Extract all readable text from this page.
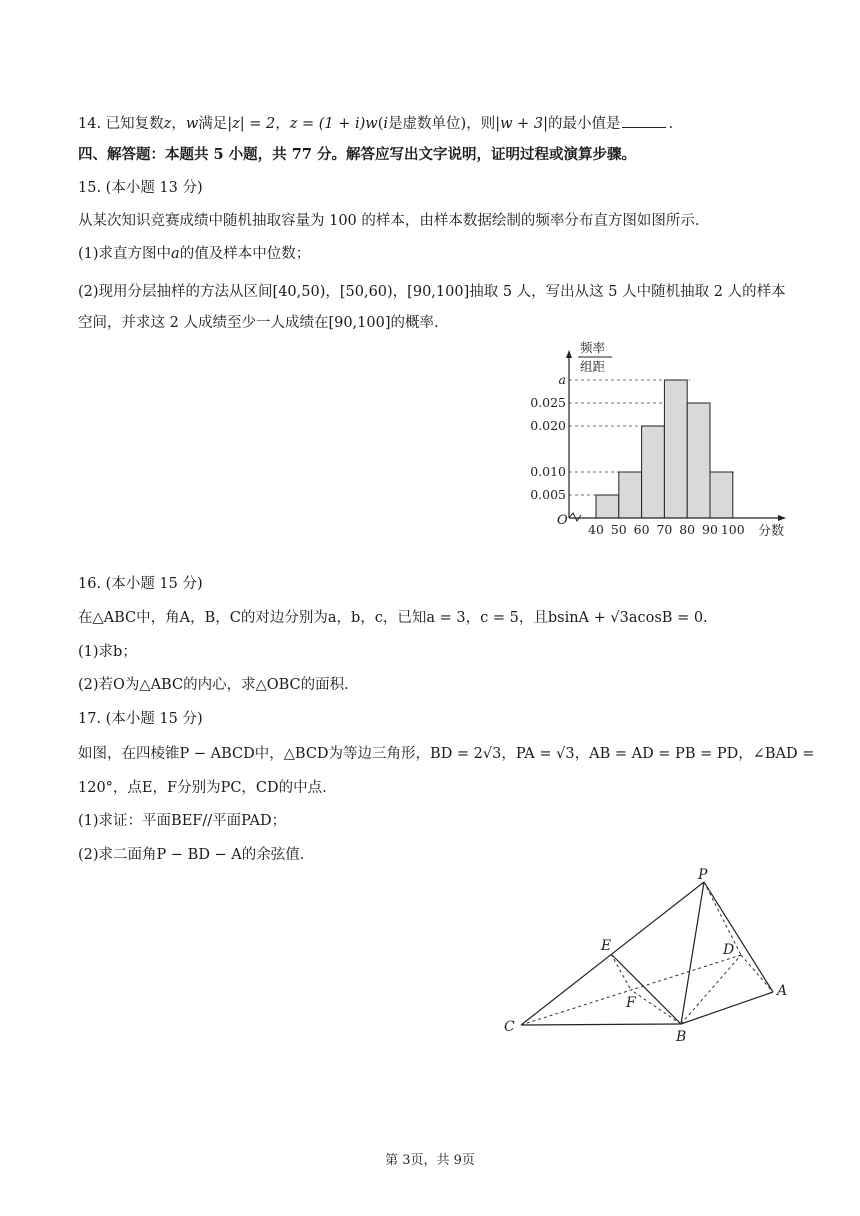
14. 已知复数z，w满足|z| = 2，z = (1 + i)w(i是虚数单位)，则|w + 3|的最小值是	.
四、解答题：本题共 5 小题，共 77 分。解答应写出文字说明，证明过程或演算步骤。
15. (本小题 13 分)
从某次知识竞赛成绩中随机抽取容量为 100 的样本，由样本数据绘制的频率分布直方图如图所示.
(1)求直方图中a的值及样本中位数；
(2)现用分层抽样的方法从区间[40,50)，[50,60)，[90,100]抽取 5 人，写出从这 5 人中随机抽取 2 人的样本
空间，并求这 2 人成绩至少一人成绩在[90,100]的概率.
0.005
0.010
0.020
0.025
a
40 50 60 70 80 90 100
O
频率
组距
分数
16. (本小题 15 分)
在△ABC中，角A，B，C的对边分别为a，b，c，已知a = 3，c = 5，且bsinA + √3acosB = 0.
(1)求b；
(2)若O为△ABC的内心，求△OBC的面积.
17. (本小题 15 分)
如图，在四棱锥P − ABCD中，△BCD为等边三角形，BD = 2√3，PA = √3，AB = AD = PB = PD，∠BAD =
120°，点E，F分别为PC，CD的中点.
(1)求证：平面BEF//平面PAD；
(2)求二面角P − BD − A的余弦值.
P
E	D
A
F
C
B
第 3页，共 9页
